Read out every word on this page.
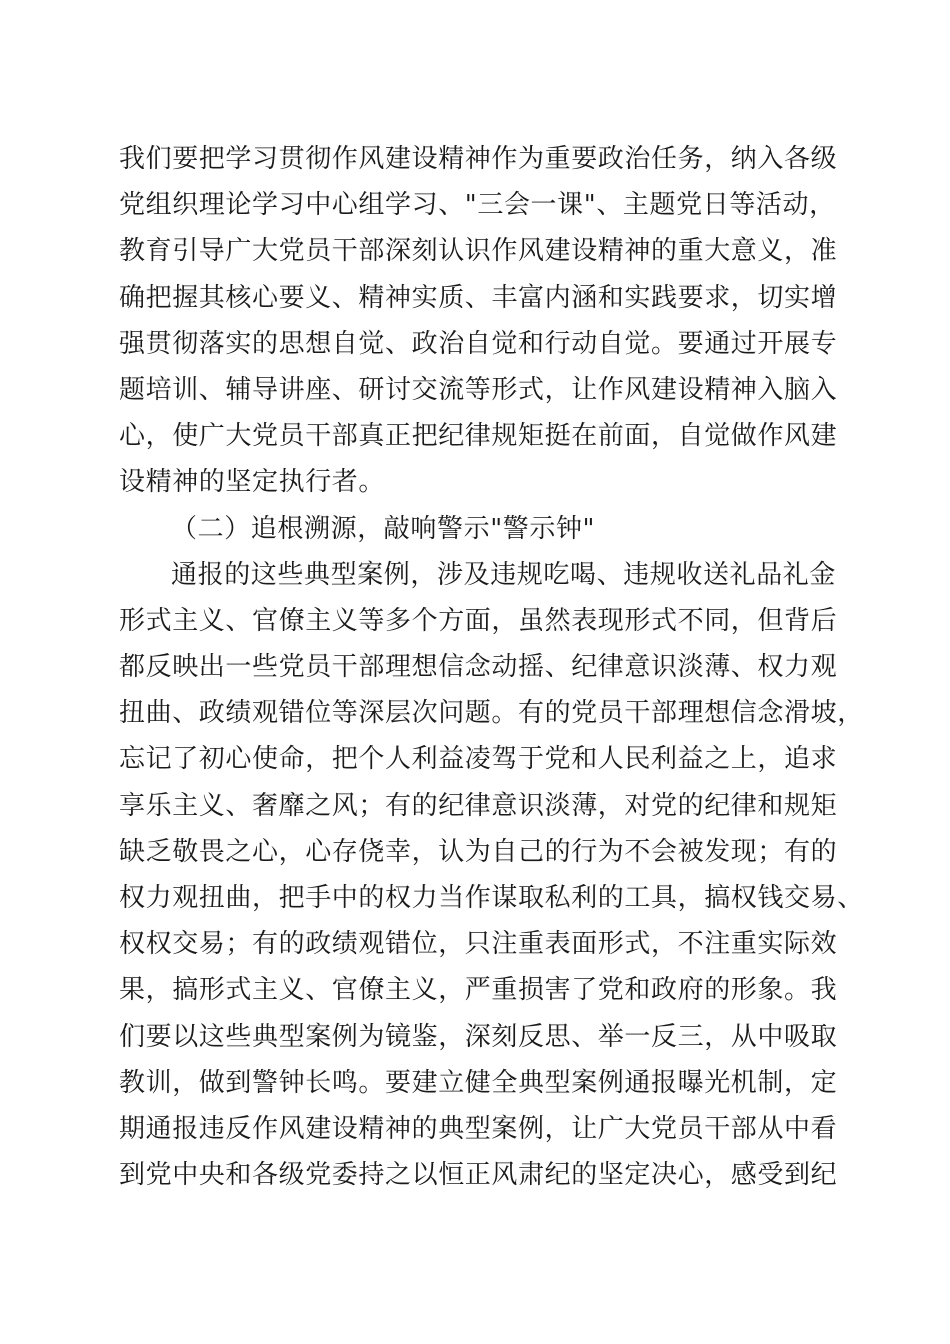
我们要把学习贯彻作风建设精神作为重要政治任务，纳入各级
党组织理论学习中心组学习、"三会一课"、主题党日等活动，
教育引导广大党员干部深刻认识作风建设精神的重大意义，准
确把握其核心要义、精神实质、丰富内涵和实践要求，切实增
强贯彻落实的思想自觉、政治自觉和行动自觉。要通过开展专
题培训、辅导讲座、研讨交流等形式，让作风建设精神入脑入
心，使广大党员干部真正把纪律规矩挺在前面，自觉做作风建
设精神的坚定执行者。
（二）追根溯源，敲响警示"警示钟"
通报的这些典型案例，涉及违规吃喝、违规收送礼品礼金
形式主义、官僚主义等多个方面，虽然表现形式不同，但背后
都反映出一些党员干部理想信念动摇、纪律意识淡薄、权力观
扭曲、政绩观错位等深层次问题。有的党员干部理想信念滑坡，
忘记了初心使命，把个人利益凌驾于党和人民利益之上，追求
享乐主义、奢靡之风；有的纪律意识淡薄，对党的纪律和规矩
缺乏敬畏之心，心存侥幸，认为自己的行为不会被发现；有的
权力观扭曲，把手中的权力当作谋取私利的工具，搞权钱交易、
权权交易；有的政绩观错位，只注重表面形式，不注重实际效
果，搞形式主义、官僚主义，严重损害了党和政府的形象。我
们要以这些典型案例为镜鉴，深刻反思、举一反三，从中吸取
教训，做到警钟长鸣。要建立健全典型案例通报曝光机制，定
期通报违反作风建设精神的典型案例，让广大党员干部从中看
到党中央和各级党委持之以恒正风肃纪的坚定决心，感受到纪
